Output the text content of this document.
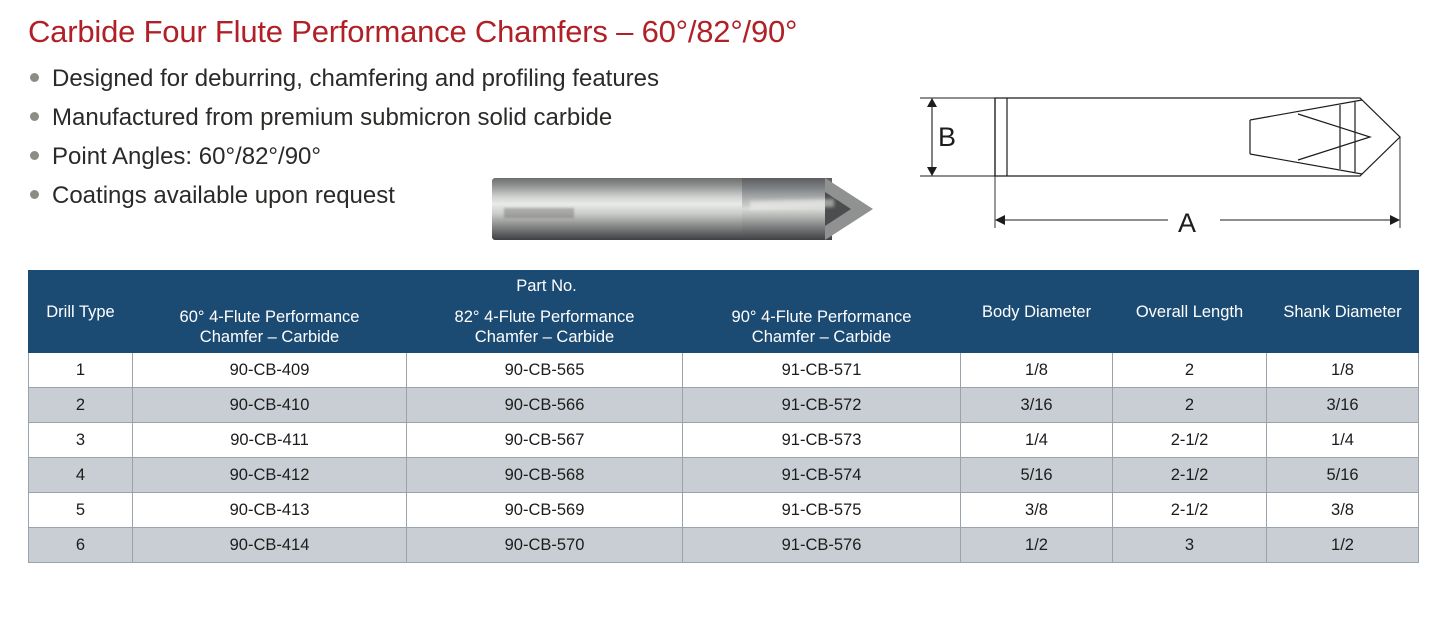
Carbide Four Flute Performance Chamfers – 60°/82°/90°
Designed for deburring, chamfering and profiling features
Manufactured from premium submicron solid carbide
Point Angles: 60°/82°/90°
Coatings available upon request
B
A
Drill Type	Part No.			Body Diameter	Overall Length	Shank Diameter

60° 4-Flute Performance
Chamfer – Carbide

82° 4-Flute Performance
Chamfer – Carbide

90° 4-Flute Performance
Chamfer – Carbide

1	90-CB-409	90-CB-565	91-CB-571	1/8	2	1/8
2	90-CB-410	90-CB-566	91-CB-572	3/16	2	3/16
3	90-CB-411	90-CB-567	91-CB-573	1/4	2-1/2	1/4
4	90-CB-412	90-CB-568	91-CB-574	5/16	2-1/2	5/16
5	90-CB-413	90-CB-569	91-CB-575	3/8	2-1/2	3/8
6	90-CB-414	90-CB-570	91-CB-576	1/2	3	1/2
